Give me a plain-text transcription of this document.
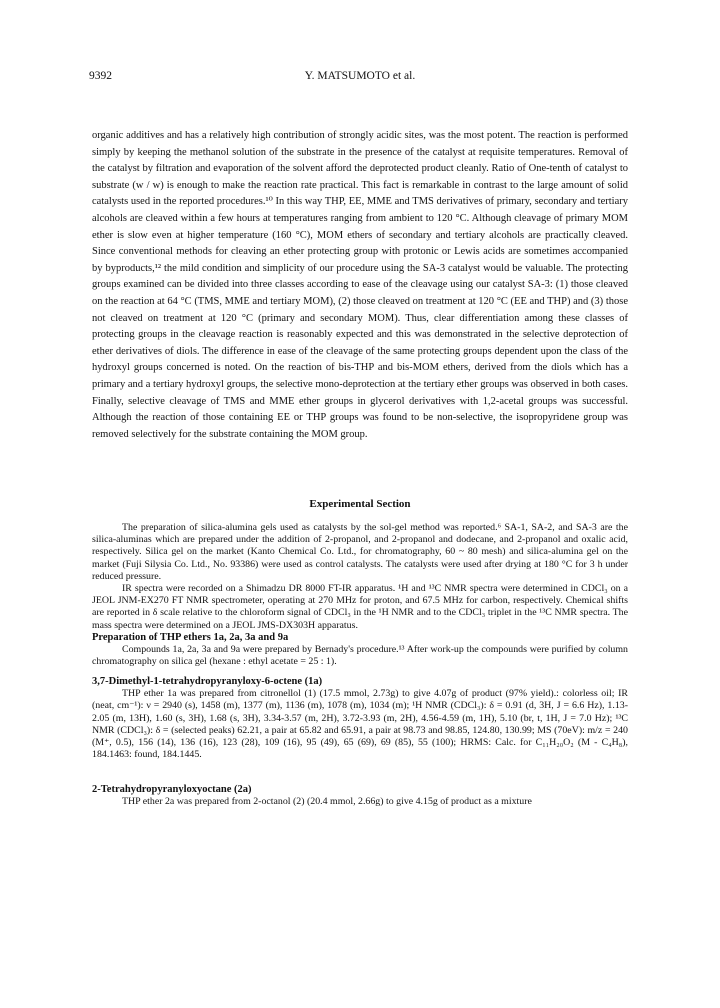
9392	Y. MATSUMOTO et al.
organic additives and has a relatively high contribution of strongly acidic sites, was the most potent. The reaction is performed simply by keeping the methanol solution of the substrate in the presence of the catalyst at requisite temperatures. Removal of the catalyst by filtration and evaporation of the solvent afford the deprotected product cleanly. Ratio of One-tenth of catalyst to substrate (w / w) is enough to make the reaction rate practical. This fact is remarkable in contrast to the large amount of solid catalysts used in the reported procedures.¹⁰ In this way THP, EE, MME and TMS derivatives of primary, secondary and tertiary alcohols are cleaved within a few hours at temperatures ranging from ambient to 120 °C. Although cleavage of primary MOM ether is slow even at higher temperature (160 °C), MOM ethers of secondary and tertiary alcohols are practically cleaved. Since conventional methods for cleaving an ether protecting group with protonic or Lewis acids are sometimes accompanied by byproducts,¹² the mild condition and simplicity of our procedure using the SA-3 catalyst would be valuable. The protecting groups examined can be divided into three classes according to ease of the cleavage using our catalyst SA-3: (1) those cleaved on the reaction at 64 °C (TMS, MME and tertiary MOM), (2) those cleaved on treatment at 120 °C (EE and THP) and (3) those not cleaved on treatment at 120 °C (primary and secondary MOM). Thus, clear differentiation among these classes of protecting groups in the cleavage reaction is reasonably expected and this was demonstrated in the selective deprotection of ether derivatives of diols. The difference in ease of the cleavage of the same protecting groups dependent upon the class of the hydroxyl groups concerned is noted. On the reaction of bis-THP and bis-MOM ethers, derived from the diols which has a primary and a tertiary hydroxyl groups, the selective mono-deprotection at the tertiary ether groups was observed in both cases. Finally, selective cleavage of TMS and MME ether groups in glycerol derivatives with 1,2-acetal groups was successful. Although the reaction of those containing EE or THP groups was found to be non-selective, the isopropyridene group was removed selectively for the substrate containing the MOM group.
Experimental Section

The preparation of silica-alumina gels used as catalysts by the sol-gel method was reported.⁶ SA-1, SA-2, and SA-3 are the silica-aluminas which are prepared under the addition of 2-propanol, and 2-propanol and dodecane, and 2-propanol and oxalic acid, respectively. Silica gel on the market (Kanto Chemical Co. Ltd., for chromatography, 60 ~ 80 mesh) and silica-alumina gel on the market (Fuji Silysia Co. Ltd., No. 93386) were used as control catalysts. The catalysts were used after drying at 180 °C for 3 h under reduced pressure.

IR spectra were recorded on a Shimadzu DR 8000 FT-IR apparatus. ¹H and ¹³C NMR spectra were determined in CDCl₃ on a JEOL JNM-EX270 FT NMR spectrometer, operating at 270 MHz for proton, and 67.5 MHz for carbon, respectively. Chemical shifts are reported in δ scale relative to the chloroform signal of CDCl₃ in the ¹H NMR and to the CDCl₃ triplet in the ¹³C NMR spectra. The mass spectra were determined on a JEOL JMS-DX303H apparatus.

Preparation of THP ethers 1a, 2a, 3a and 9a

Compounds 1a, 2a, 3a and 9a were prepared by Bernady's procedure.¹³ After work-up the compounds were purified by column chromatography on silica gel (hexane : ethyl acetate = 25 : 1).

3,7-Dimethyl-1-tetrahydropyranyloxy-6-octene (1a)

THP ether 1a was prepared from citronellol (1) (17.5 mmol, 2.73g) to give 4.07g of product (97% yield).: colorless oil; IR (neat, cm⁻¹): ν = 2940 (s), 1458 (m), 1377 (m), 1136 (m), 1078 (m), 1034 (m); ¹H NMR (CDCl₃): δ = 0.91 (d, 3H, J = 6.6 Hz), 1.13-2.05 (m, 13H), 1.60 (s, 3H), 1.68 (s, 3H), 3.34-3.57 (m, 2H), 3.72-3.93 (m, 2H), 4.56-4.59 (m, 1H), 5.10 (br, t, 1H, J = 7.0 Hz); ¹³C NMR (CDCl₃): δ = (selected peaks) 62.21, a pair at 65.82 and 65.91, a pair at 98.73 and 98.85, 124.80, 130.99; MS (70eV): m/z = 240 (M⁺, 0.5), 156 (14), 136 (16), 123 (28), 109 (16), 95 (49), 65 (69), 69 (85), 55 (100); HRMS: Calc. for C₁₁H₂₀O₂ (M - C₄H₈), 184.1463: found, 184.1445.

2-Tetrahydropyranyloxyoctane (2a)

THP ether 2a was prepared from 2-octanol (2) (20.4 mmol, 2.66g) to give 4.15g of product as a mixture
